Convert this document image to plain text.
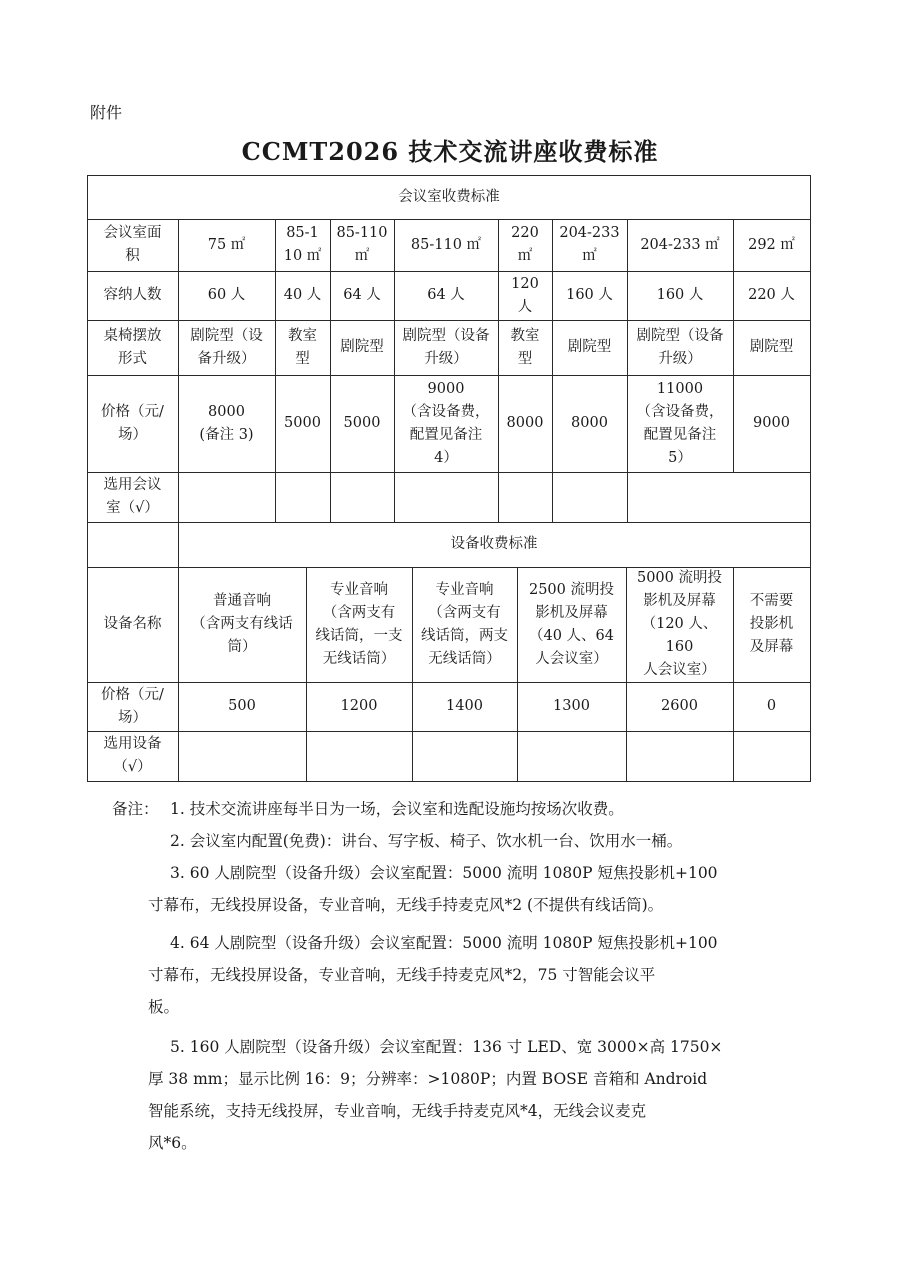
附件
CCMT2026 技术交流讲座收费标准
会议室收费标准
会议室面
积
容纳人数
桌椅摆放
形式
价格（元/
场）
选用会议
室（√）
75 ㎡
60 人
剧院型（设
备升级）
8000
(备注 3)
85-1
10 ㎡
40 人
教室
型
5000
85-110
㎡
64 人
剧院型
5000
85-110 ㎡
64 人
剧院型（设备
升级）
9000
（含设备费，
配置见备注
4）
220
㎡
120
人
教室
型
8000
204-233
㎡
160 人
剧院型
8000
204-233 ㎡
160 人
剧院型（设备
升级）
11000
（含设备费，
配置见备注
5）
292 ㎡
220 人
剧院型
9000
设备收费标准
设备名称
价格（元/
场）
选用设备
（√）
普通音响
（含两支有线话
筒）
500
专业音响
（含两支有
线话筒，一支
无线话筒）
1200
专业音响
（含两支有
线话筒，两支
无线话筒）
1400
2500 流明投
影机及屏幕
（40 人、64
人会议室）
1300
5000 流明投
影机及屏幕
（120 人、160
人会议室）
2600
不需要
投影机
及屏幕
0
备注： 1. 技术交流讲座每半日为一场，会议室和选配设施均按场次收费。
2. 会议室内配置(免费)：讲台、写字板、椅子、饮水机一台、饮用水一桶。
3. 60 人剧院型（设备升级）会议室配置：5000 流明 1080P 短焦投影机+100
寸幕布，无线投屏设备，专业音响，无线手持麦克风*2 (不提供有线话筒)。
4. 64 人剧院型（设备升级）会议室配置：5000 流明 1080P 短焦投影机+100
寸幕布，无线投屏设备，专业音响，无线手持麦克风*2，75 寸智能会议平
板。
5. 160 人剧院型（设备升级）会议室配置：136 寸 LED、宽 3000×高 1750×
厚 38 mm；显示比例 16：9；分辨率：>1080P；内置 BOSE 音箱和 Android
智能系统，支持无线投屏，专业音响，无线手持麦克风*4，无线会议麦克
风*6。
